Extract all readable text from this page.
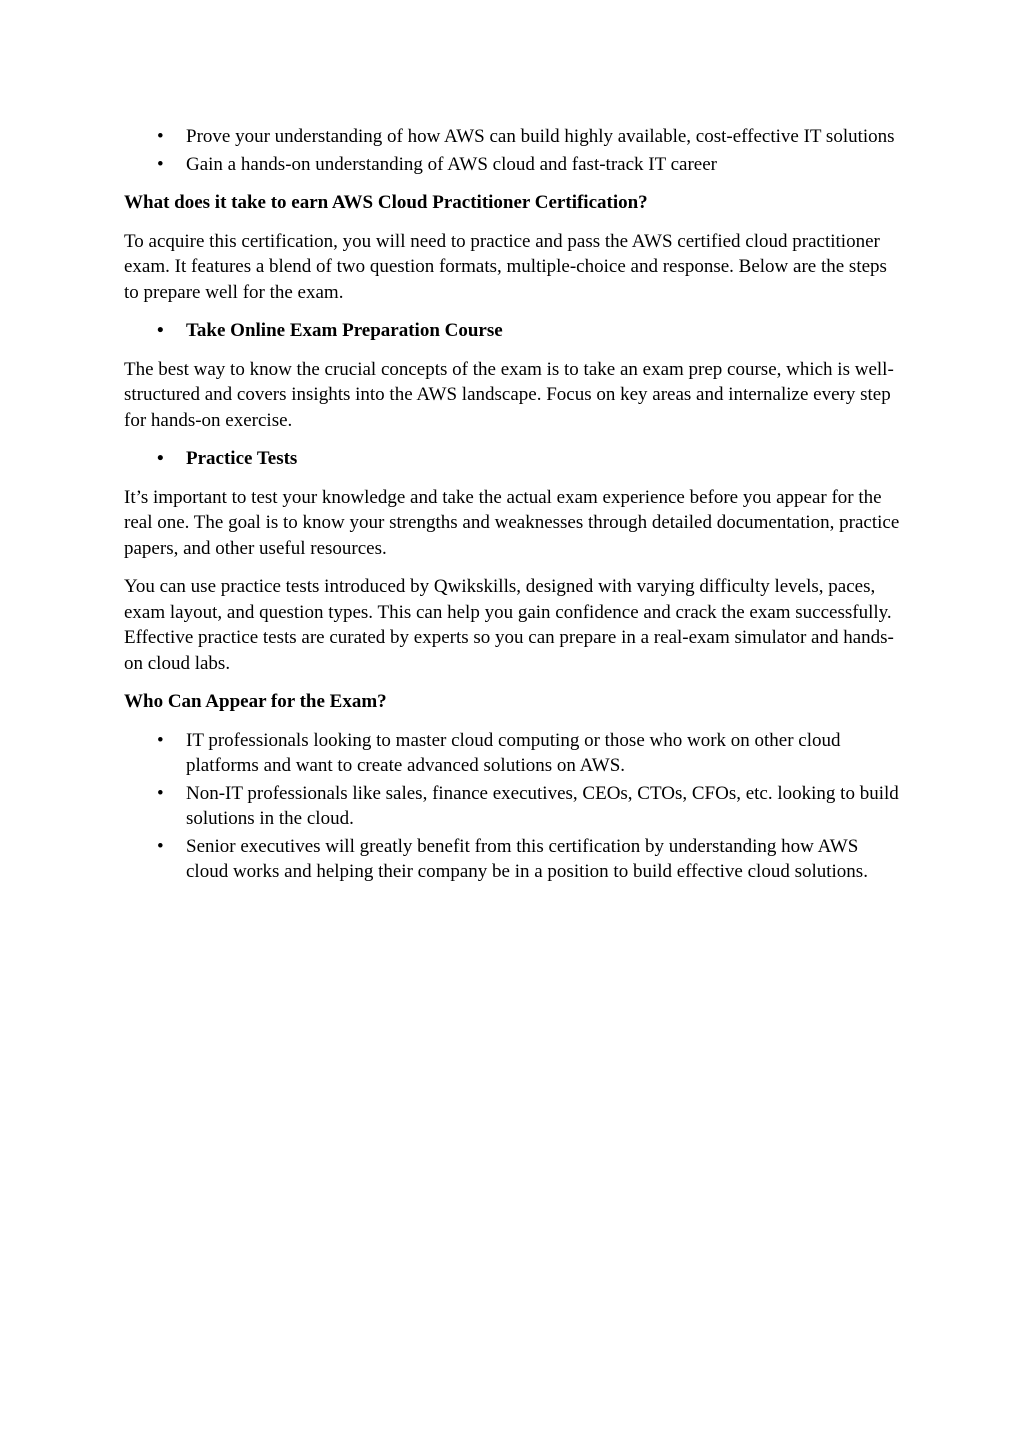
• Prove your understanding of how AWS can build highly available, cost-effective IT solutions
• Gain a hands-on understanding of AWS cloud and fast-track IT career
What does it take to earn AWS Cloud Practitioner Certification?

To acquire this certification, you will need to practice and pass the AWS certified cloud practitioner exam. It features a blend of two question formats, multiple-choice and response. Below are the steps to prepare well for the exam.

• Take Online Exam Preparation Course

The best way to know the crucial concepts of the exam is to take an exam prep course, which is well-structured and covers insights into the AWS landscape. Focus on key areas and internalize every step for hands-on exercise.

• Practice Tests

It’s important to test your knowledge and take the actual exam experience before you appear for the real one. The goal is to know your strengths and weaknesses through detailed documentation, practice papers, and other useful resources.

You can use practice tests introduced by Qwikskills, designed with varying difficulty levels, paces, exam layout, and question types. This can help you gain confidence and crack the exam successfully. Effective practice tests are curated by experts so you can prepare in a real-exam simulator and hands-on cloud labs.

Who Can Appear for the Exam?
• IT professionals looking to master cloud computing or those who work on other cloud platforms and want to create advanced solutions on AWS.
• Non-IT professionals like sales, finance executives, CEOs, CTOs, CFOs, etc. looking to build solutions in the cloud.
• Senior executives will greatly benefit from this certification by understanding how AWS cloud works and helping their company be in a position to build effective cloud solutions.
